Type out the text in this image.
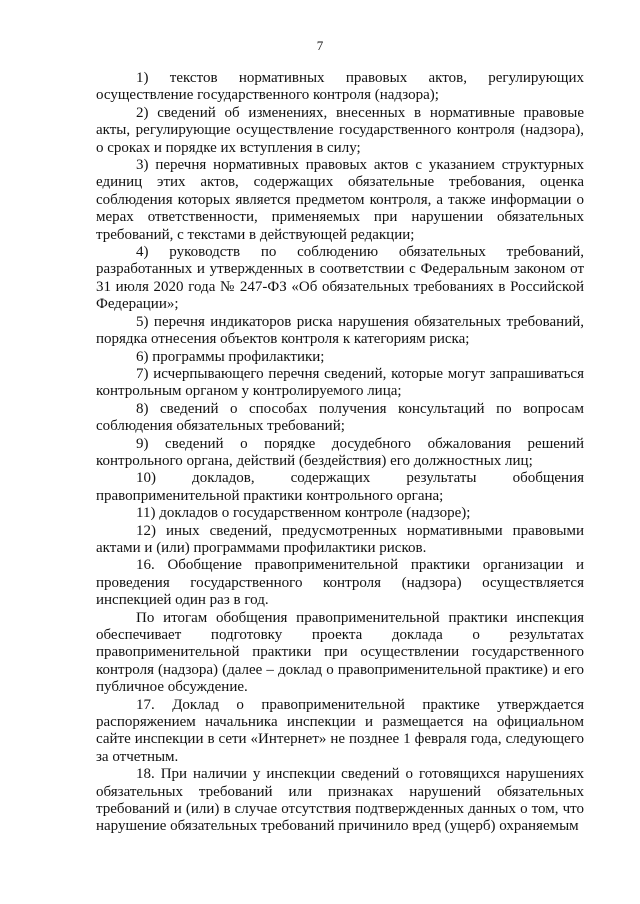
7

1) текстов нормативных правовых актов, регулирующих осуществление государственного контроля (надзора);

2) сведений об изменениях, внесенных в нормативные правовые акты, регулирующие осуществление государственного контроля (надзора), о сроках и порядке их вступления в силу;

3) перечня нормативных правовых актов с указанием структурных единиц этих актов, содержащих обязательные требования, оценка соблюдения которых является предметом контроля, а также информации о мерах ответственности, применяемых при нарушении обязательных требований, с текстами в действующей редакции;

4) руководств по соблюдению обязательных требований, разработанных и утвержденных в соответствии с Федеральным законом от 31 июля 2020 года № 247-ФЗ «Об обязательных требованиях в Российской Федерации»;

5) перечня индикаторов риска нарушения обязательных требований, порядка отнесения объектов контроля к категориям риска;

6) программы профилактики;

7) исчерпывающего перечня сведений, которые могут запрашиваться контрольным органом у контролируемого лица;

8) сведений о способах получения консультаций по вопросам соблюдения обязательных требований;

9) сведений о порядке досудебного обжалования решений контрольного органа, действий (бездействия) его должностных лиц;

10) докладов, содержащих результаты обобщения правоприменительной практики контрольного органа;

11) докладов о государственном контроле (надзоре);

12) иных сведений, предусмотренных нормативными правовыми актами и (или) программами профилактики рисков.

16. Обобщение правоприменительной практики организации и проведения государственного контроля (надзора) осуществляется инспекцией один раз в год.

По итогам обобщения правоприменительной практики инспекция обеспечивает подготовку проекта доклада о результатах правоприменительной практики при осуществлении государственного контроля (надзора) (далее – доклад о правоприменительной практике) и его публичное обсуждение.

17. Доклад о правоприменительной практике утверждается распоряжением начальника инспекции и размещается на официальном сайте инспекции в сети «Интернет» не позднее 1 февраля года, следующего за отчетным.

18. При наличии у инспекции сведений о готовящихся нарушениях обязательных требований или признаках нарушений обязательных требований и (или) в случае отсутствия подтвержденных данных о том, что нарушение обязательных требований причинило вред (ущерб) охраняемым
